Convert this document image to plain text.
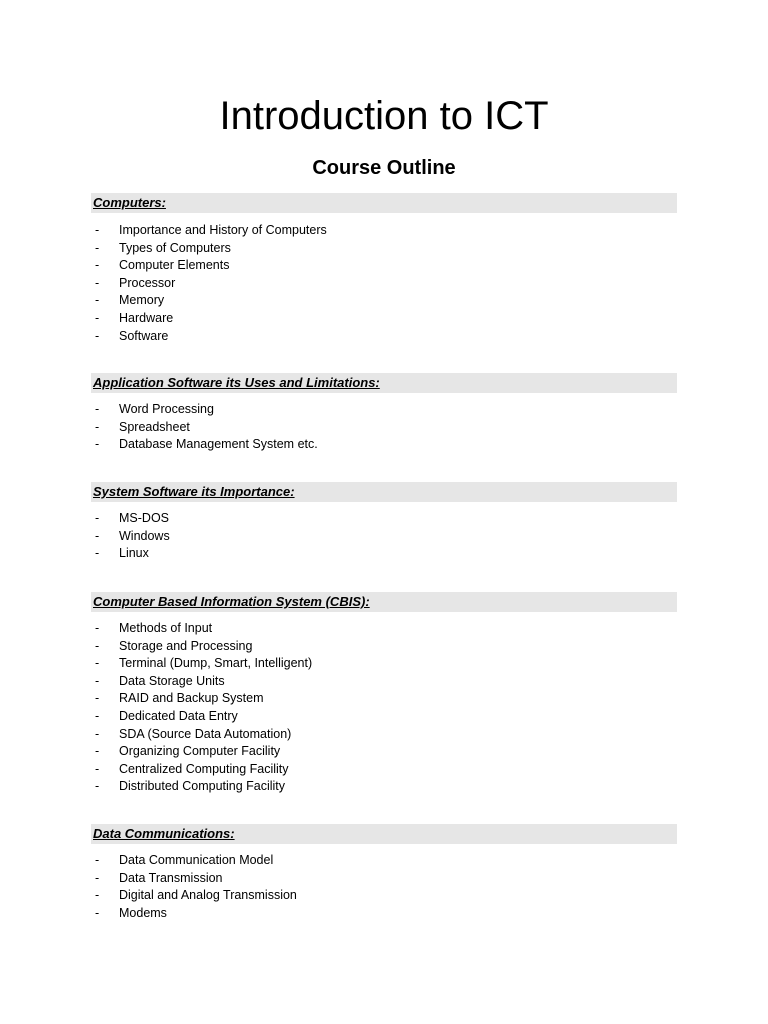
Introduction to ICT
Course Outline
Computers:
- Importance and History of Computers
- Types of Computers
- Computer Elements
- Processor
- Memory
- Hardware
- Software
Application Software its Uses and Limitations:
- Word Processing
- Spreadsheet
- Database Management System etc.
System Software its Importance:
- MS-DOS
- Windows
- Linux
Computer Based Information System (CBIS):
- Methods of Input
- Storage and Processing
- Terminal (Dump, Smart, Intelligent)
- Data Storage Units
- RAID and Backup System
- Dedicated Data Entry
- SDA (Source Data Automation)
- Organizing Computer Facility
- Centralized Computing Facility
- Distributed Computing Facility
Data Communications:
- Data Communication Model
- Data Transmission
- Digital and Analog Transmission
- Modems
